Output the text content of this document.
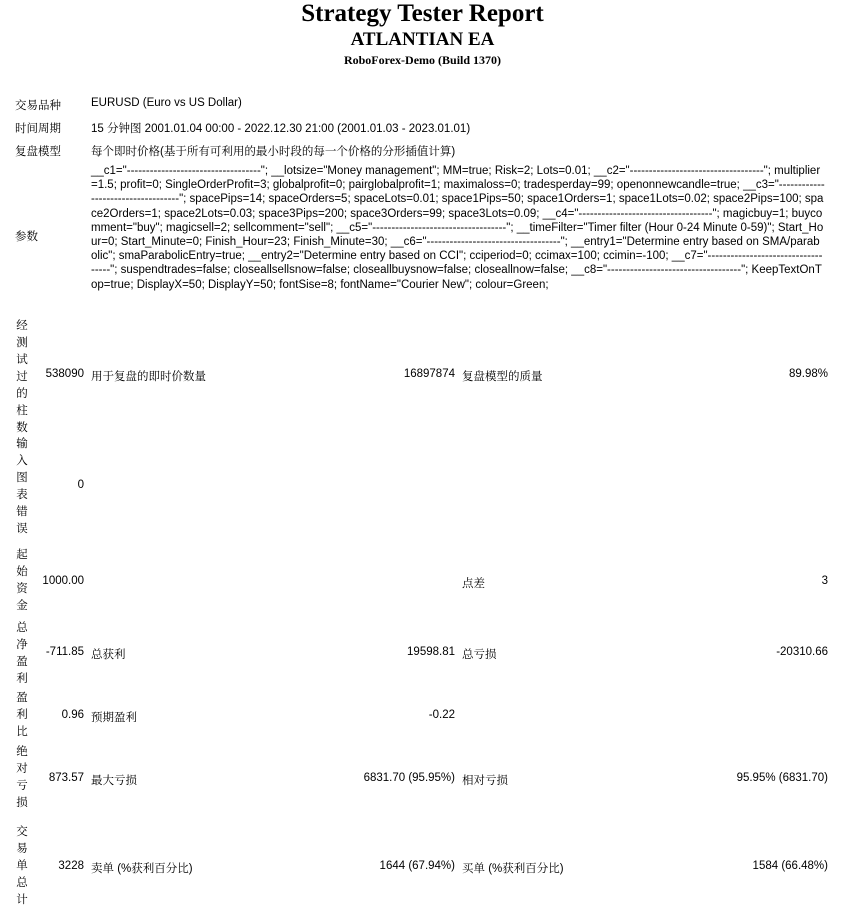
Strategy Tester Report
ATLANTIAN EA
RoboForex-Demo (Build 1370)
交易品种	EURUSD (Euro vs US Dollar)
时间周期	15 分钟图 2001.01.04 00:00 - 2022.12.30 21:00 (2001.01.03 - 2023.01.01)
复盘模型	每个即时价格(基于所有可利用的最小时段的每一个价格的分形插值计算)
参数
__c1="-----------------------------------"; __lotsize="Money management"; MM=true; Risk=2; Lots=0.01; __c2="-----------------------------------"; multiplier=1.5; profit=0; SingleOrderProfit=3; globalprofit=0; pairglobalprofit=1; maximaloss=0; tradesperday=99; openonnewcandle=true; __c3="-----------------------------------"; spacePips=14; spaceOrders=5; spaceLots=0.01; space1Pips=50; space1Orders=1; space1Lots=0.02; space2Pips=100; space2Orders=1; space2Lots=0.03; space3Pips=200; space3Orders=99; space3Lots=0.09; __c4="-----------------------------------"; magicbuy=1; buycomment="buy"; magicsell=2; sellcomment="sell"; __c5="-----------------------------------"; __timeFilter="Timer filter (Hour 0-24 Minute 0-59)"; Start_Hour=0; Start_Minute=0; Finish_Hour=23; Finish_Minute=30; __c6="-----------------------------------"; __entry1="Determine entry based on SMA/parabolic"; smaParabolicEntry=true; __entry2="Determine entry based on CCI"; cciperiod=0; ccimax=100; ccimin=-100; __c7="-----------------------------------"; suspendtrades=false; closeallsellsnow=false; closeallbuysnow=false; closeallnow=false; __c8="-----------------------------------"; KeepTextOnTop=true; DisplayX=50; DisplayY=50; fontSise=8; fontName="Courier New"; colour=Green;
经测试过的柱数
538090 用于复盘的即时价数量	16897874 复盘模型的质量	89.98%
输入图表错误
0
起始资金
1000.00	点差	3
总净盈利
-711.85 总获利	19598.81 总亏损	-20310.66
盈利比
0.96 预期盈利	-0.22
绝对亏损
873.57 最大亏损	6831.70 (95.95%) 相对亏损	95.95% (6831.70)
交易单总计
3228 卖单 (%获利百分比)	1644 (67.94%) 买单 (%获利百分比)	1584 (66.48%)
